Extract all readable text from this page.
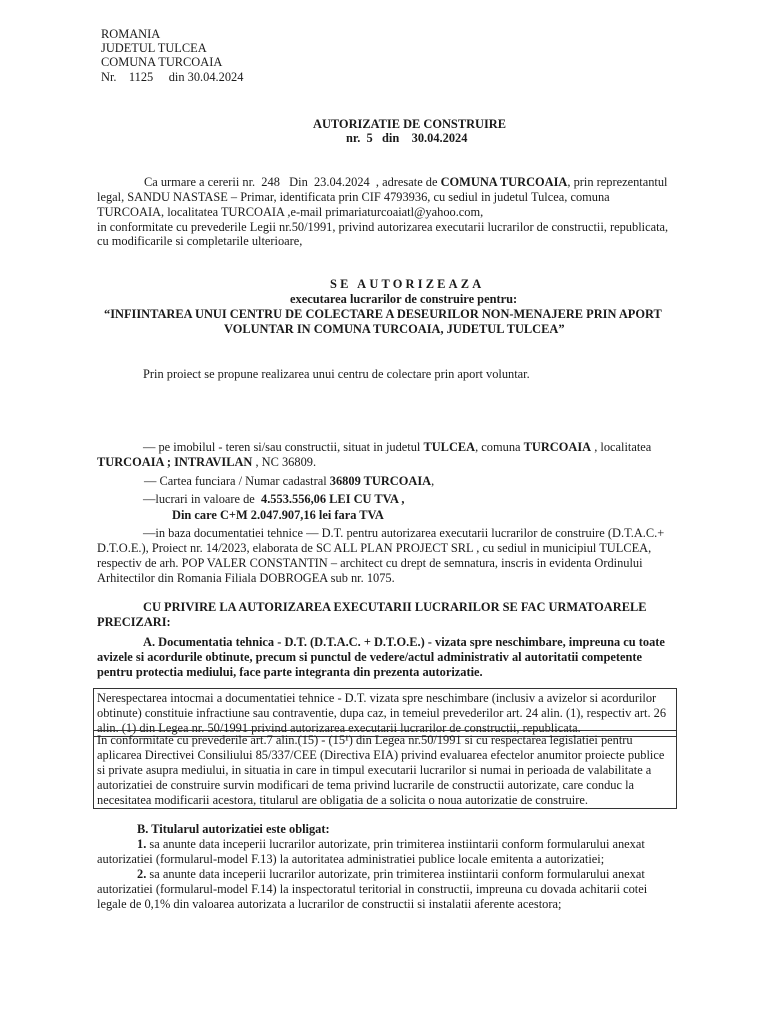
ROMANIA
JUDETUL TULCEA
COMUNA TURCOAIA
Nr. 1125 din 30.04.2024
AUTORIZATIE DE CONSTRUIRE
nr.  5   din    30.04.2024
Ca urmare a cererii nr.  248   Din  23.04.2024  , adresate de COMUNA TURCOAIA, prin reprezentantul
legal, SANDU NASTASE – Primar, identificata prin CIF 4793936, cu sediul in judetul Tulcea, comuna
TURCOAIA, localitatea TURCOAIA ,e-mail primariaturcoaiatl@yahoo.com,
in conformitate cu prevederile Legii nr.50/1991, privind autorizarea executarii lucrarilor de constructii, republicata,
cu modificarile si completarile ulterioare,
SE AUTORIZEAZA
executarea lucrarilor de construire pentru:
“INFIINTAREA UNUI CENTRU DE COLECTARE A DESEURILOR NON-MENAJERE PRIN APORT
VOLUNTAR IN COMUNA TURCOAIA, JUDETUL TULCEA”
Prin proiect se propune realizarea unui centru de colectare prin aport voluntar.
— pe imobilul - teren si/sau constructii, situat in judetul TULCEA, comuna TURCOAIA , localitatea
TURCOAIA ; INTRAVILAN , NC 36809.
— Cartea funciara / Numar cadastral 36809 TURCOAIA,
—lucrari in valoare de  4.553.556,06 LEI CU TVA ,
Din care C+M 2.047.907,16 lei fara TVA
—in baza documentatiei tehnice — D.T. pentru autorizarea executarii lucrarilor de construire (D.T.A.C.+
D.T.O.E.), Proiect nr. 14/2023, elaborata de SC ALL PLAN PROJECT SRL , cu sediul in municipiul TULCEA,
respectiv de arh. POP VALER CONSTANTIN – architect cu drept de semnatura, inscris in evidenta Ordinului
Arhitectilor din Romania Filiala DOBROGEA sub nr. 1075.
CU PRIVIRE LA AUTORIZAREA EXECUTARII LUCRARILOR SE FAC URMATOARELE
PRECIZARI:
A. Documentatia tehnica - D.T. (D.T.A.C. + D.T.O.E.) - vizata spre neschimbare, impreuna cu toate
avizele si acordurile obtinute, precum si punctul de vedere/actul administrativ al autoritatii competente
pentru protectia mediului, face parte integranta din prezenta autorizatie.
Nerespectarea intocmai a documentatiei tehnice - D.T. vizata spre neschimbare (inclusiv a avizelor si acordurilor
obtinute) constituie infractiune sau contraventie, dupa caz, in temeiul prevederilor art. 24 alin. (1), respectiv art. 26
alin. (1) din Legea nr. 50/1991 privind autorizarea executarii lucrarilor de constructii, republicata.
In conformitate cu prevederile art.7 alin.(15) - (15¹) din Legea nr.50/1991 si cu respectarea legislatiei pentru
aplicarea Directivei Consiliului 85/337/CEE (Directiva EIA) privind evaluarea efectelor anumitor proiecte publice
si private asupra mediului, in situatia in care in timpul executarii lucrarilor si numai in perioada de valabilitate a
autorizatiei de construire survin modificari de tema privind lucrarile de constructii autorizate, care conduc la
necesitatea modificarii acestora, titularul are obligatia de a solicita o noua autorizatie de construire.
B. Titularul autorizatiei este obligat:
1. sa anunte data inceperii lucrarilor autorizate, prin trimiterea instiintarii conform formularului anexat
autorizatiei (formularul-model F.13) la autoritatea administratiei publice locale emitenta a autorizatiei;
2. sa anunte data inceperii lucrarilor autorizate, prin trimiterea instiintarii conform formularului anexat
autorizatiei (formularul-model F.14) la inspectoratul teritorial in constructii, impreuna cu dovada achitarii cotei
legale de 0,1% din valoarea autorizata a lucrarilor de constructii si instalatii aferente acestora;
